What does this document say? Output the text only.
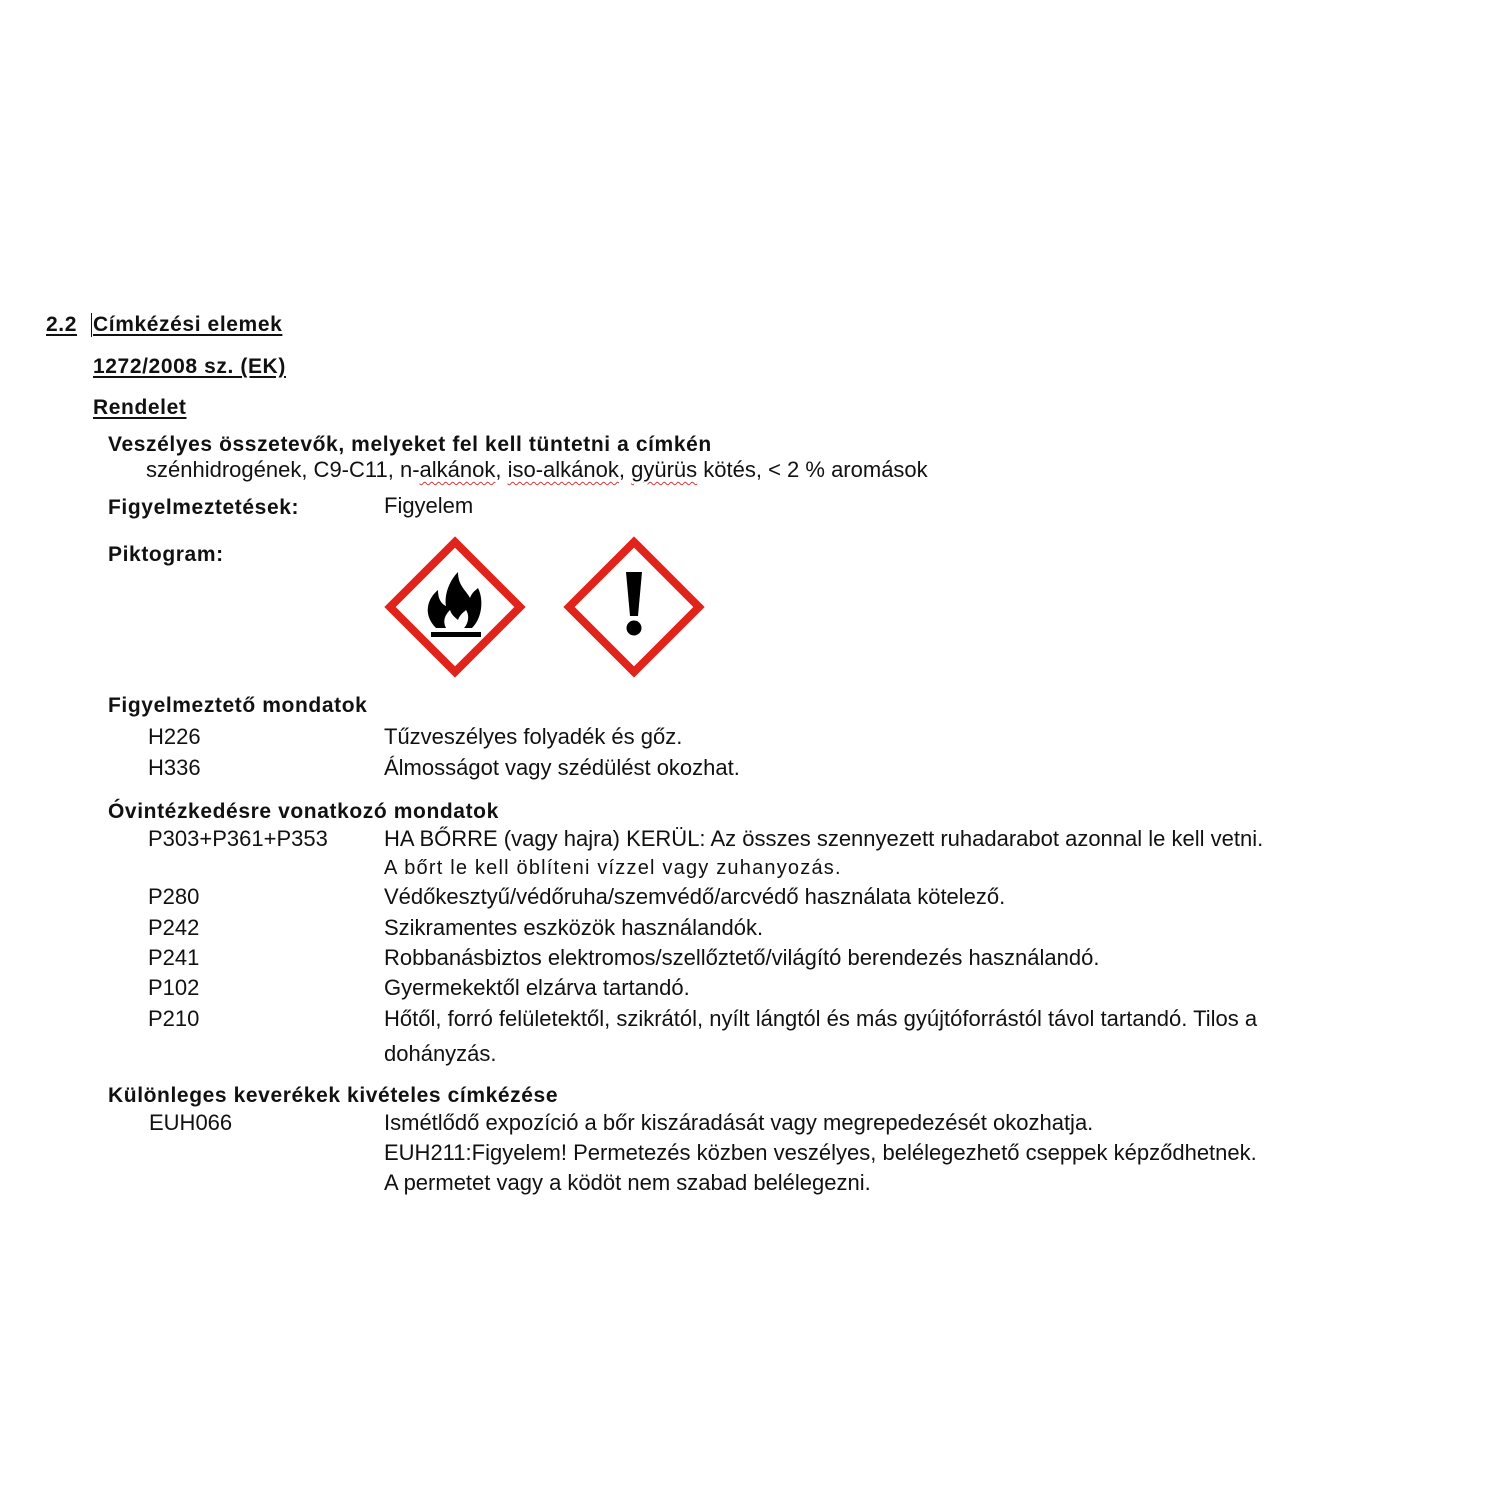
2.2 Címkézési elemek
1272/2008 sz. (EK)
Rendelet
Veszélyes összetevők, melyeket fel kell tüntetni a címkén
szénhidrogének, C9-C11, n-alkánok, iso-alkánok, gyürüs kötés, < 2 % aromások
Figyelmeztetések:	Figyelem
Piktogram:
Figyelmeztető mondatok
H226	Tűzveszélyes folyadék és gőz.
H336	Álmosságot vagy szédülést okozhat.
Óvintézkedésre vonatkozó mondatok
P303+P361+P353	HA BŐRRE (vagy hajra) KERÜL: Az összes szennyezett ruhadarabot azonnal le kell vetni.
A bőrt le kell öblíteni vízzel vagy zuhanyozás.
P280	Védőkesztyű/védőruha/szemvédő/arcvédő használata kötelező.
P242	Szikramentes eszközök használandók.
P241	Robbanásbiztos elektromos/szellőztető/világító berendezés használandó.
P102	Gyermekektől elzárva tartandó.
P210	Hőtől, forró felületektől, szikrától, nyílt lángtól és más gyújtóforrástól távol tartandó. Tilos a
dohányzás.
Különleges keverékek kivételes címkézése
EUH066	Ismétlődő expozíció a bőr kiszáradását vagy megrepedezését okozhatja.
EUH211:Figyelem! Permetezés közben veszélyes, belélegezhető cseppek képződhetnek.
A permetet vagy a ködöt nem szabad belélegezni.
